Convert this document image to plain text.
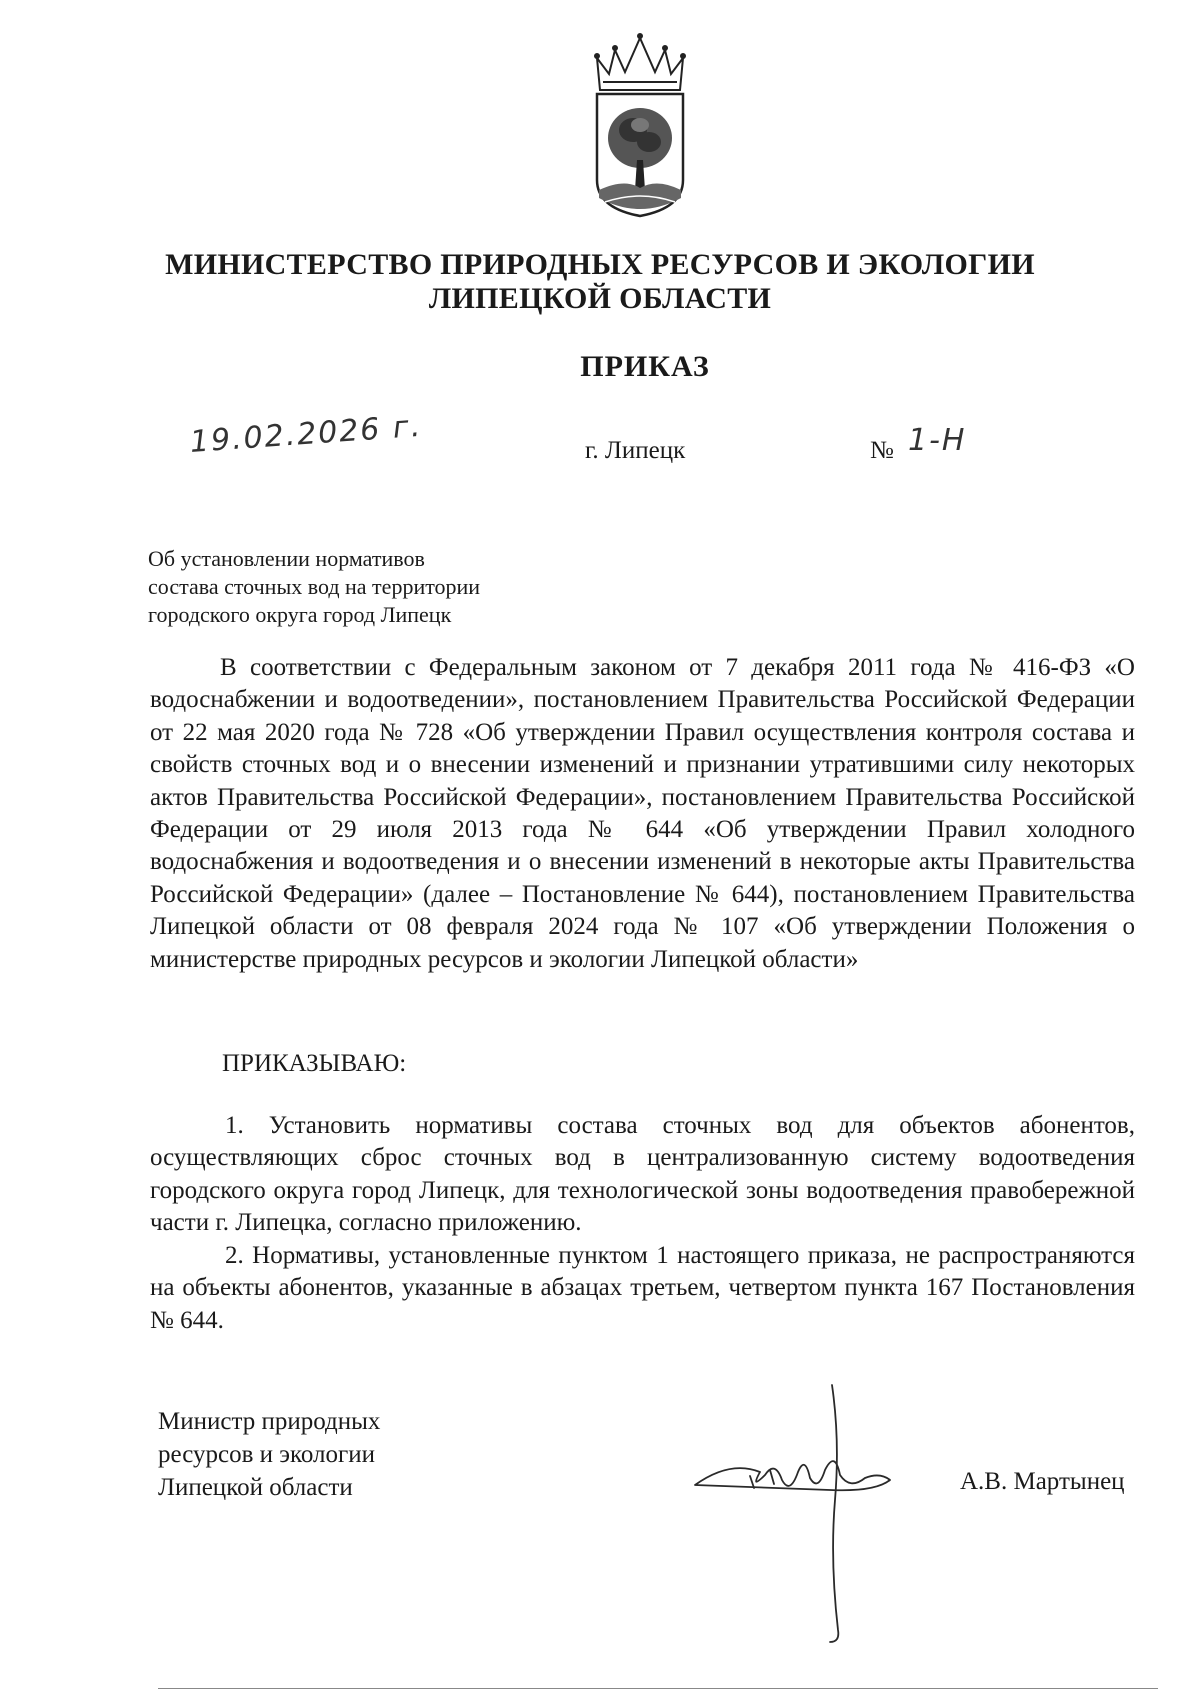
МИНИСТЕРСТВО ПРИРОДНЫХ РЕСУРСОВ И ЭКОЛОГИИ
ЛИПЕЦКОЙ ОБЛАСТИ
ПРИКАЗ
19.02.2026 г.	г. Липецк	№ 1-Н
Об установлении нормативов
состава сточных вод на территории
городского округа город Липецк
В соответствии с Федеральным законом от 7 декабря 2011 года № 416-ФЗ «О водоснабжении и водоотведении», постановлением Правительства Российской Федерации от 22 мая 2020 года № 728 «Об утверждении Правил осуществления контроля состава и свойств сточных вод и о внесении изменений и признании утратившими силу некоторых актов Правительства Российской Федерации», постановлением Правительства Российской Федерации от 29 июля 2013 года № 644 «Об утверждении Правил холодного водоснабжения и водоотведения и о внесении изменений в некоторые акты Правительства Российской Федерации» (далее – Постановление № 644), постановлением Правительства Липецкой области от 08 февраля 2024 года № 107 «Об утверждении Положения о министерстве природных ресурсов и экологии Липецкой области»
ПРИКАЗЫВАЮ:
1. Установить нормативы состава сточных вод для объектов абонентов, осуществляющих сброс сточных вод в централизованную систему водоотведения городского округа город Липецк, для технологической зоны водоотведения правобережной части г. Липецка, согласно приложению.
2. Нормативы, установленные пунктом 1 настоящего приказа, не распространяются на объекты абонентов, указанные в абзацах третьем, четвертом пункта 167 Постановления № 644.
Министр природных
ресурсов и экологии
Липецкой области	А.В. Мартынец
